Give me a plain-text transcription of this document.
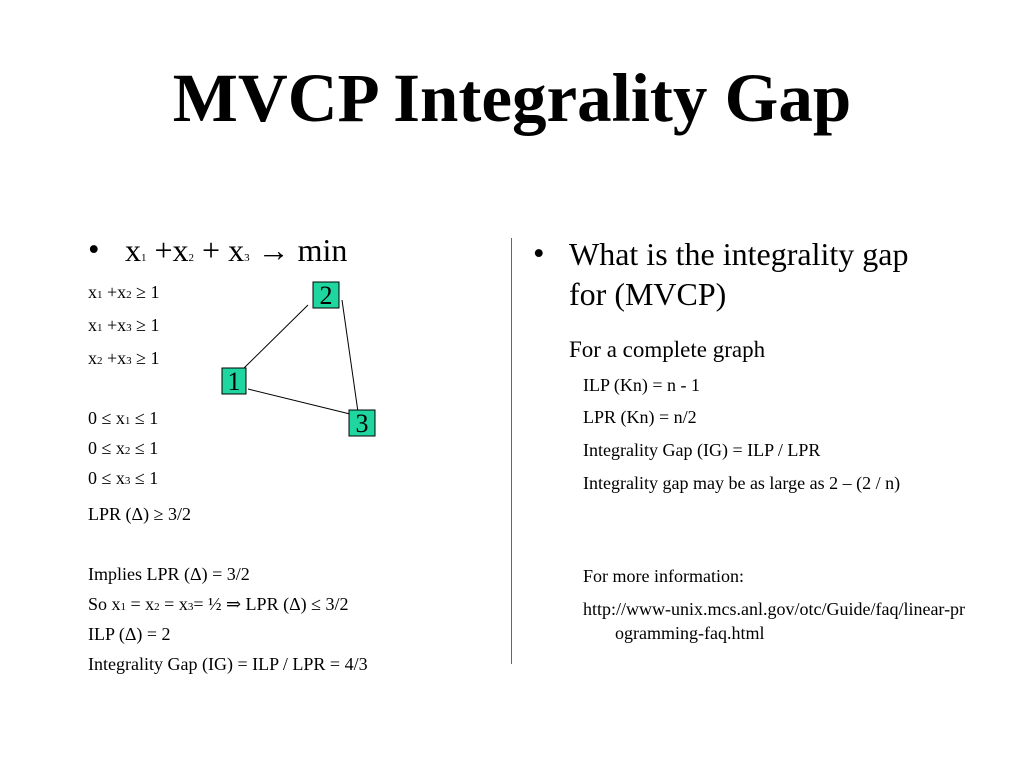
MVCP Integrality Gap
• x1 +x2 + x3 → min
x1 +x2 ≥ 1
x1 +x3 ≥ 1
x2 +x3 ≥ 1
0 ≤ x1 ≤ 1
0 ≤ x2 ≤ 1
0 ≤ x3 ≤ 1
LPR (Δ) ≥ 3/2
Implies LPR (Δ) = 3/2
So x1 = x2 = x3= ½ ⇒ LPR (Δ) ≤ 3/2
ILP (Δ) = 2
Integrality Gap (IG) = ILP / LPR = 4/3
2
1
3
• What is the integrality gap for (MVCP)
For a complete graph
ILP (Kn) = n - 1
LPR (Kn) = n/2
Integrality Gap (IG) = ILP / LPR
Integrality gap may be as large as 2 – (2 / n)
For more information:
http://www-unix.mcs.anl.gov/otc/Guide/faq/linear-programming-faq.html
